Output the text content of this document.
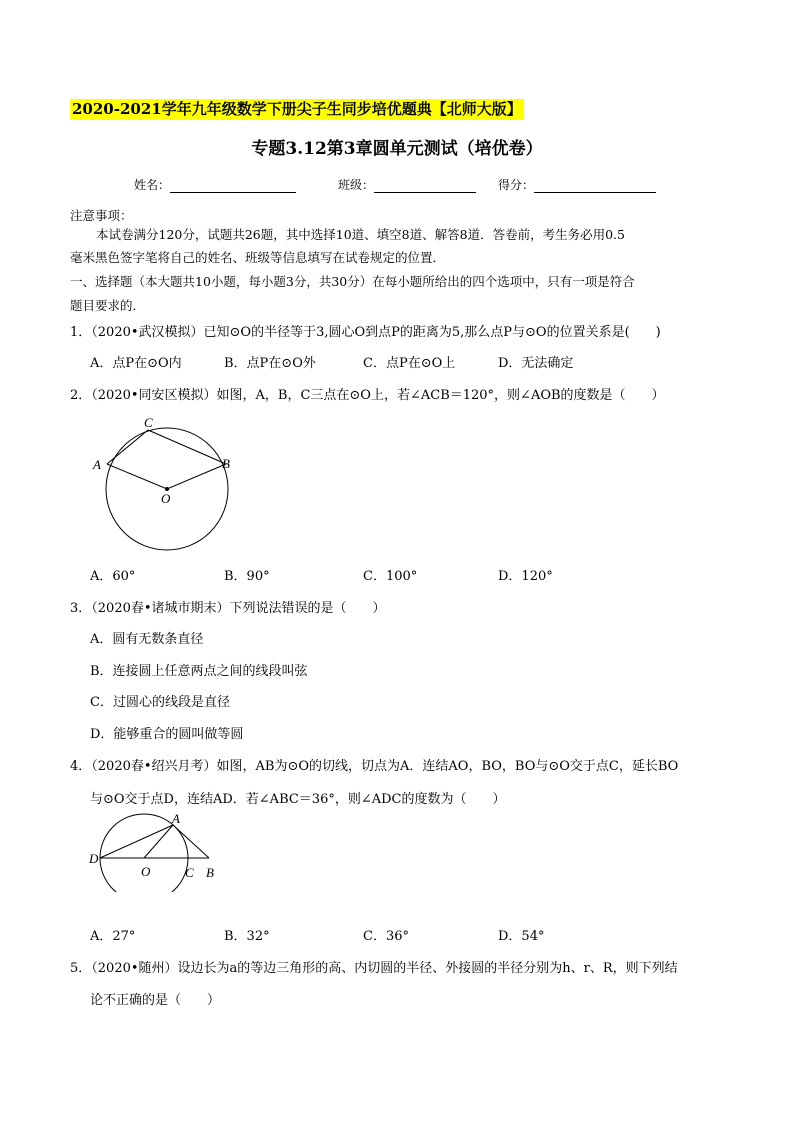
2020-2021学年九年级数学下册尖子生同步培优题典【北师大版】
专题3.12第3章圆单元测试（培优卷）
姓名：	班级：	得分：
注意事项：
本试卷满分120分，试题共26题，其中选择10道、填空8道、解答8道．答卷前，考生务必用0.5
毫米黑色签字笔将自己的姓名、班级等信息填写在试卷规定的位置．
一、选择题（本大题共10小题，每小题3分，共30分）在每小题所给出的四个选项中，只有一项是符合
题目要求的．
1．（2020•武汉模拟）已知⊙O的半径等于3,圆心O到点P的距离为5,那么点P与⊙O的位置关系是(　　)
A．点P在⊙O内	B．点P在⊙O外	C．点P在⊙O上	D．无法确定
2．（2020•同安区模拟）如图，A，B，C三点在⊙O上，若∠ACB＝120°，则∠AOB的度数是（　　）
C
A	B
O
A．60°	B．90°	C．100°	D．120°
3．（2020春•诸城市期末）下列说法错误的是（　　）
A．圆有无数条直径
B．连接圆上任意两点之间的线段叫弦
C．过圆心的线段是直径
D．能够重合的圆叫做等圆
4．（2020春•绍兴月考）如图，AB为⊙O的切线，切点为A．连结AO，BO，BO与⊙O交于点C，延长BO
与⊙O交于点D，连结AD．若∠ABC＝36°，则∠ADC的度数为（　　）
A
D
O	C B
A．27°	B．32°	C．36°	D．54°
5．（2020•随州）设边长为a的等边三角形的高、内切圆的半径、外接圆的半径分别为h、r、R，则下列结
论不正确的是（　　）
